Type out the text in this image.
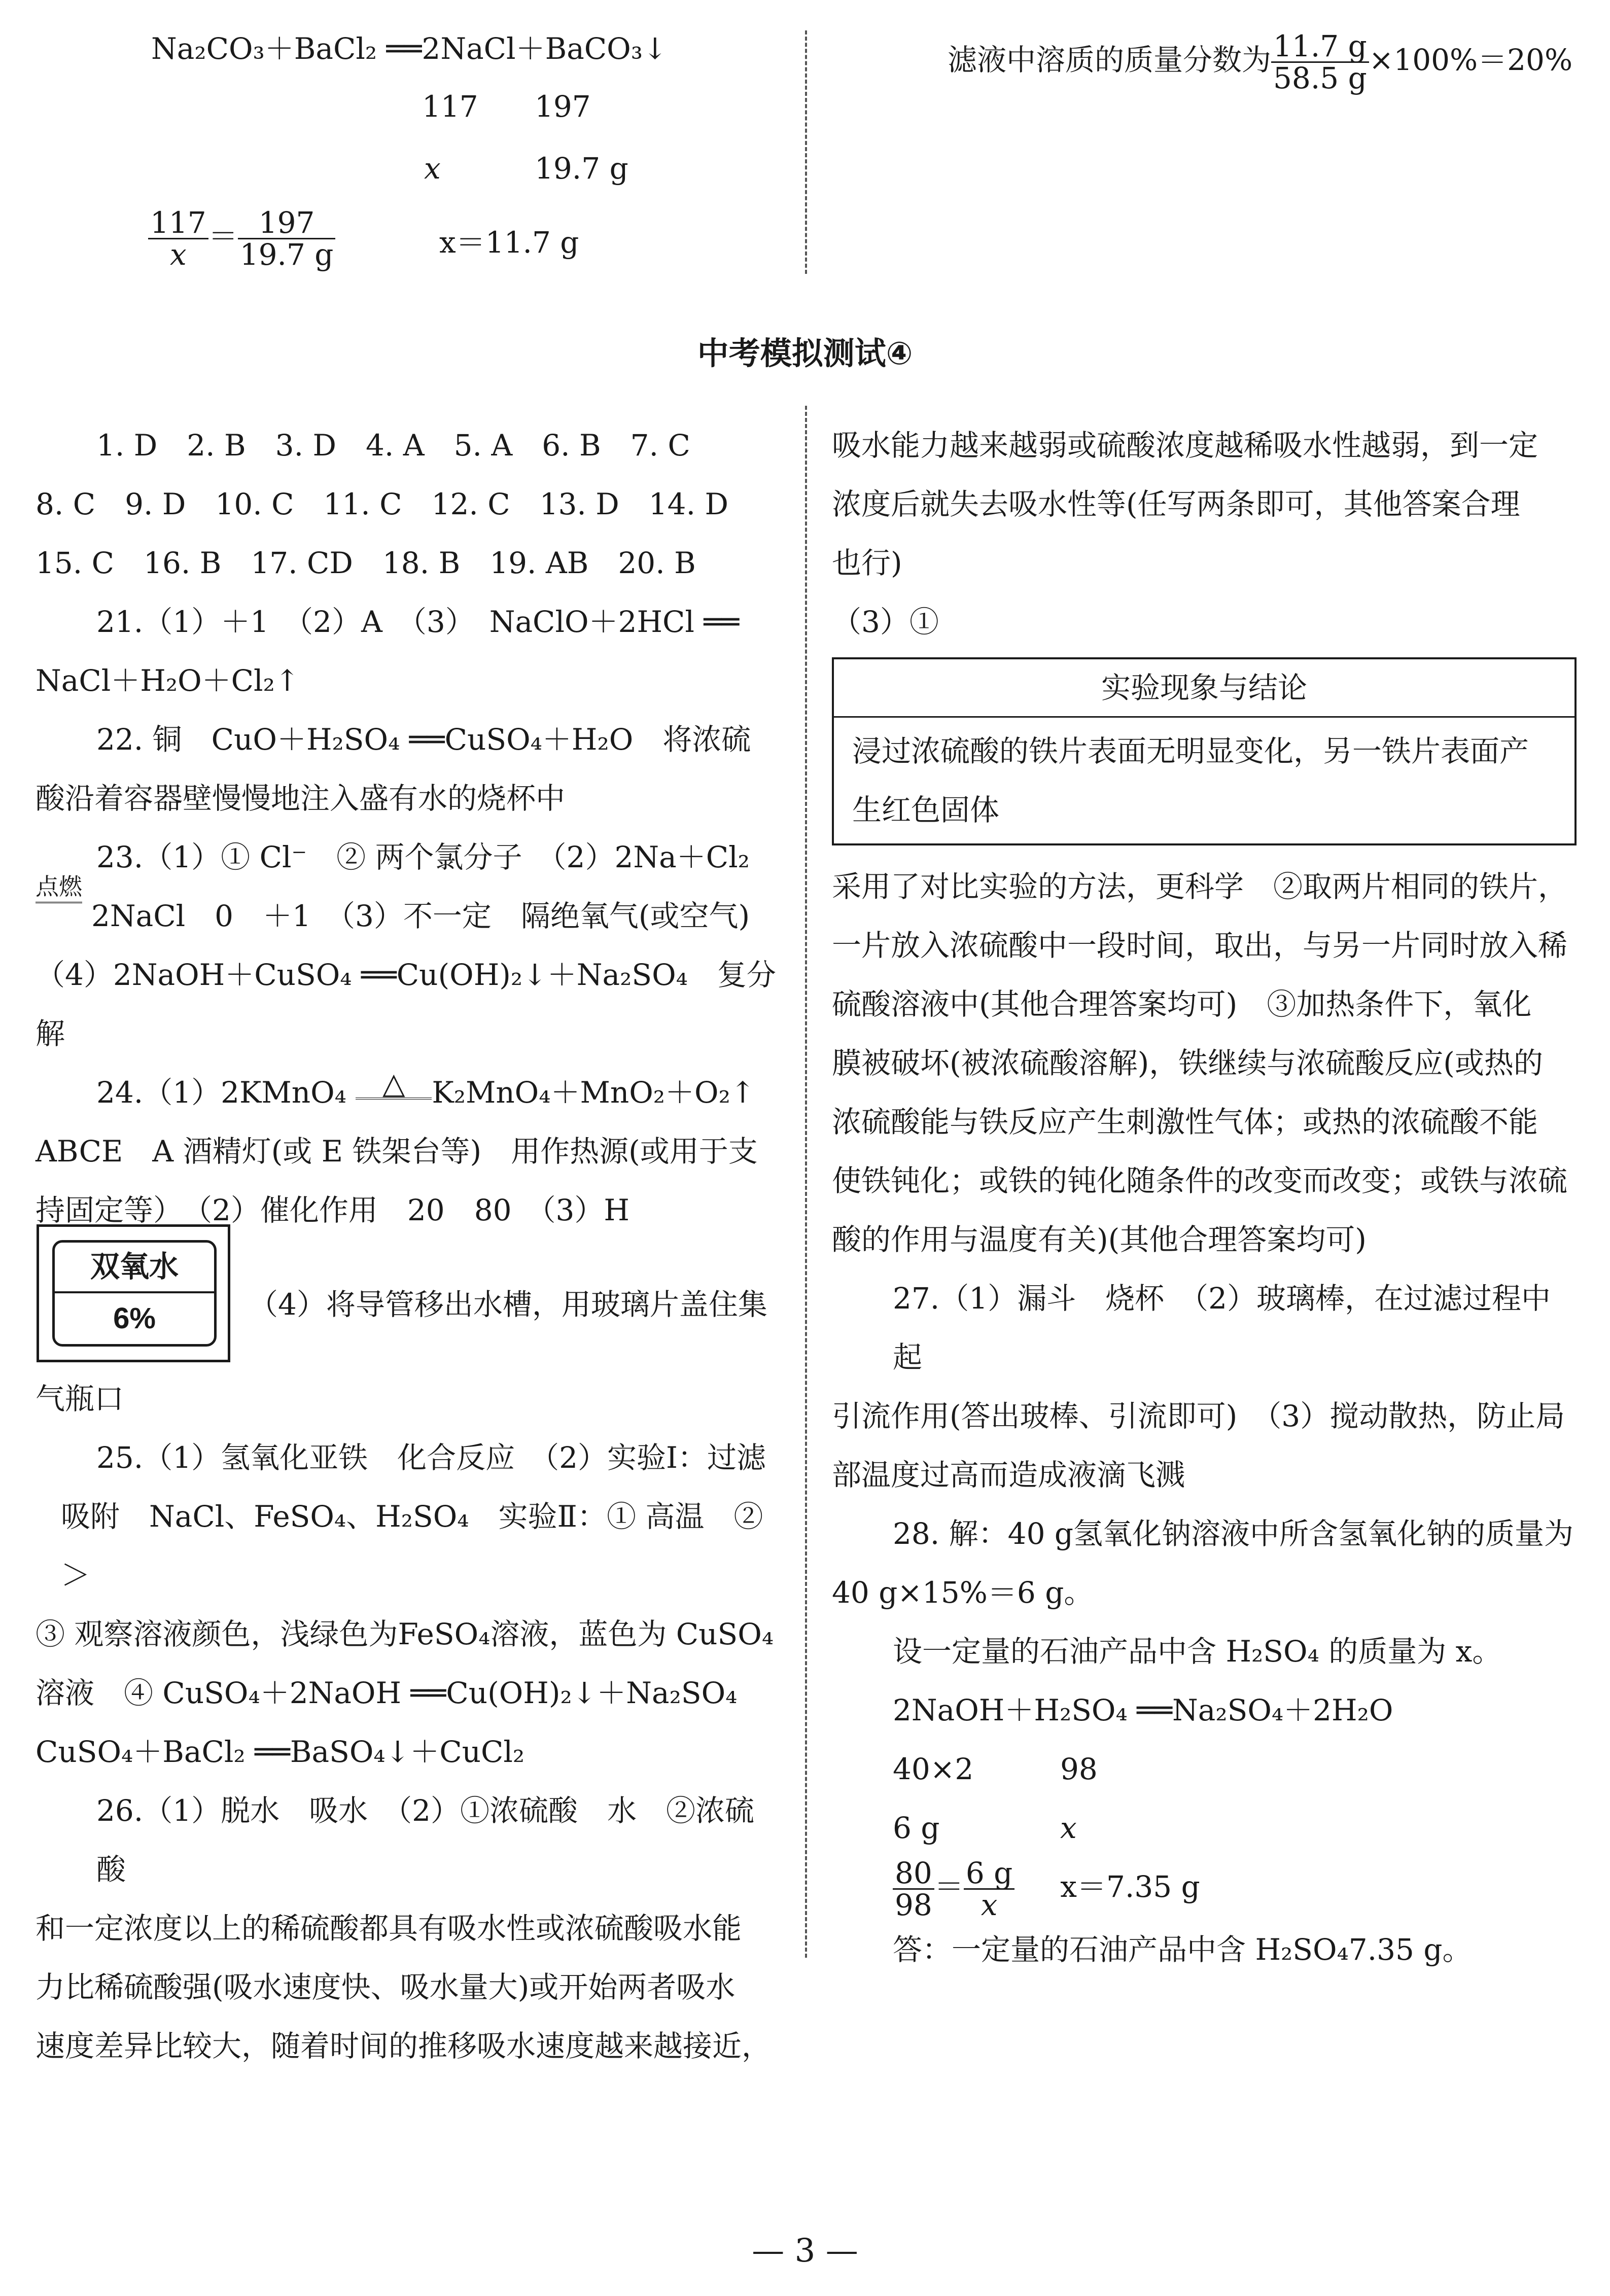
Na₂CO₃＋BaCl₂ ══2NaCl＋BaCO₃↓
117 197
x	19.7 g
$\frac{117}{x} = \frac{197}{19.7 g}$	x＝11.7 g
滤液中溶质的质量分数为 $\frac{11.7 g}{58.5 g} \times 100\%=20\%$
中考模拟测试④

1. D　2. B　3. D　4. A　5. A　6. B　7. C

8. C　9. D　10. C　11. C　12. C　13. D　14. D

15. C　16. B　17. CD　18. B　19. AB　20. B

21.（1）＋1　（2）A　（3）　NaClO＋2HCl ══

NaCl＋H₂O＋Cl₂↑

22. 铜　CuO＋H₂SO₄ ══CuSO₄＋H₂O　将浓硫

酸沿着容器壁慢慢地注入盛有水的烧杯中

23.（1）① Cl⁻　② 两个氯分子　（2）2Na＋Cl₂

点燃
2NaCl　0　＋1　（3）不一定　隔绝氧气(或空气)

（4）2NaOH＋CuSO₄ ══Cu(OH)₂↓＋Na₂SO₄　复分解

24.（1）2KMnO₄ △ K₂MnO₄＋MnO₂＋O₂↑

ABCE　A 酒精灯(或 E 铁架台等)　用作热源(或用于支

持固定等）　（2）催化作用　20　80　（3）H

（4）将导管移出水槽，用玻璃片盖住集

气瓶口

25.（1）氢氧化亚铁　化合反应　（2）实验Ⅰ：过滤

吸附　NaCl、FeSO₄、H₂SO₄　实验Ⅱ：① 高温　② ＞

③ 观察溶液颜色，浅绿色为FeSO₄溶液，蓝色为 CuSO₄

溶液　④ CuSO₄＋2NaOH ══Cu(OH)₂↓＋Na₂SO₄

CuSO₄＋BaCl₂ ══BaSO₄↓＋CuCl₂

26.（1）脱水　吸水　（2）①浓硫酸　水　②浓硫酸

和一定浓度以上的稀硫酸都具有吸水性或浓硫酸吸水能

力比稀硫酸强(吸水速度快、吸水量大)或开始两者吸水

速度差异比较大，随着时间的推移吸水速度越来越接近，

双氧水
6%

吸水能力越来越弱或硫酸浓度越稀吸水性越弱，到一定

浓度后就失去吸水性等(任写两条即可，其他答案合理

也行)

（3）①

实验现象与结论
浸过浓硫酸的铁片表面无明显变化，另一铁片表面产
生红色固体

采用了对比实验的方法，更科学　②取两片相同的铁片，

一片放入浓硫酸中一段时间，取出，与另一片同时放入稀

硫酸溶液中(其他合理答案均可)　③加热条件下，氧化

膜被破坏(被浓硫酸溶解)，铁继续与浓硫酸反应(或热的

浓硫酸能与铁反应产生刺激性气体；或热的浓硫酸不能

使铁钝化；或铁的钝化随条件的改变而改变；或铁与浓硫

酸的作用与温度有关)(其他合理答案均可)

27.（1）漏斗　烧杯　（2）玻璃棒，在过滤过程中起

引流作用(答出玻棒、引流即可)　（3）搅动散热，防止局

部温度过高而造成液滴飞溅

28. 解：40 g氢氧化钠溶液中所含氢氧化钠的质量为

40 g×15%＝6 g。

设一定量的石油产品中含 H₂SO₄ 的质量为 x。

2NaOH＋H₂SO₄ ══Na₂SO₄＋2H₂O

40×2	98

6 g	x

$\frac{80}{98} = \frac{6 g}{x} x=7.35$ g

答：一定量的石油产品中含 H₂SO₄7.35 g。

— 3 —
